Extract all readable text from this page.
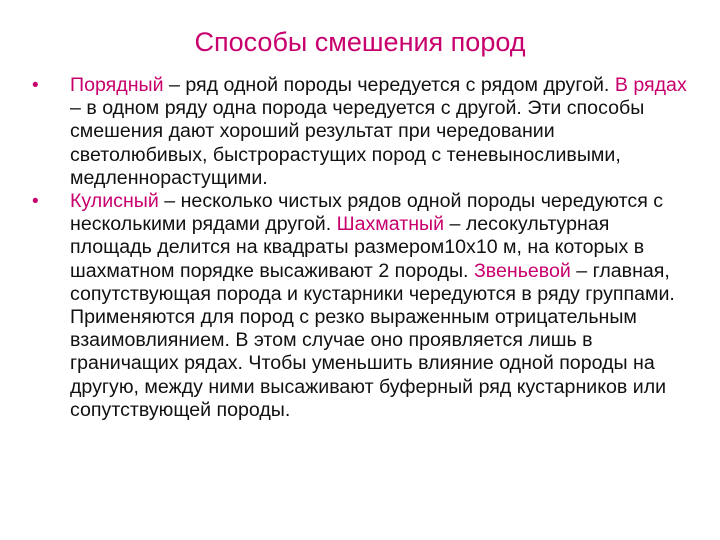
Способы смешения пород
• Порядный – ряд одной породы чередуется с рядом другой. В рядах – в одном ряду одна порода чередуется с другой. Эти способы смешения дают хороший результат при чередовании светолюбивых, быстрорастущих пород с теневыносливыми, медленнорастущими.
• Кулисный – несколько чистых рядов одной породы чередуются с несколькими рядами другой. Шахматный – лесокультурная площадь делится на квадраты размером10х10 м, на которых в шахматном порядке высаживают 2 породы. Звеньевой – главная, сопутствующая порода и кустарники чередуются в ряду группами. Применяются для пород с резко выраженным отрицательным взаимовлиянием. В этом случае оно проявляется лишь в граничащих рядах. Чтобы уменьшить влияние одной породы на другую, между ними высаживают буферный ряд кустарников или сопутствующей породы.
